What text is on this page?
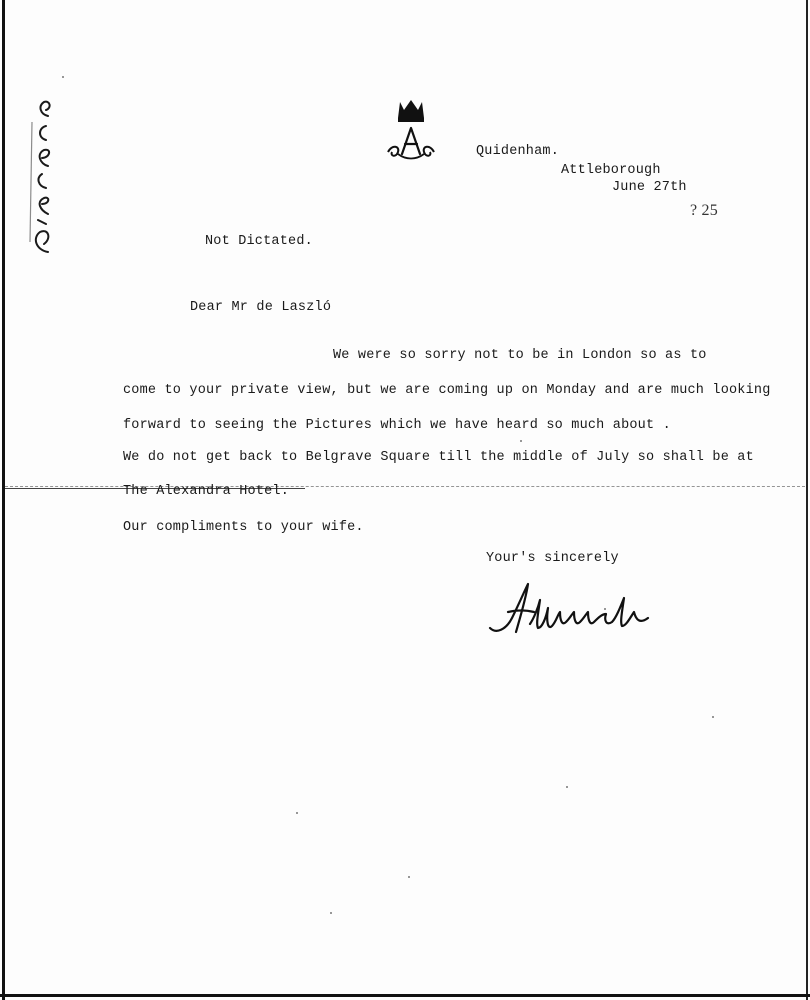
Quidenham.
Attleborough
June 27th
? 25
Not Dictated.
Dear Mr de Laszló
We were so sorry not to be in London so as to
come to your private view, but we are coming up on Monday and are much looking
forward to seeing the Pictures which we have heard so much about .
We do not get back to Belgrave Square till the middle of July so shall be at
The Alexandra Hotel.
Our compliments to your wife.
Your's sincerely
